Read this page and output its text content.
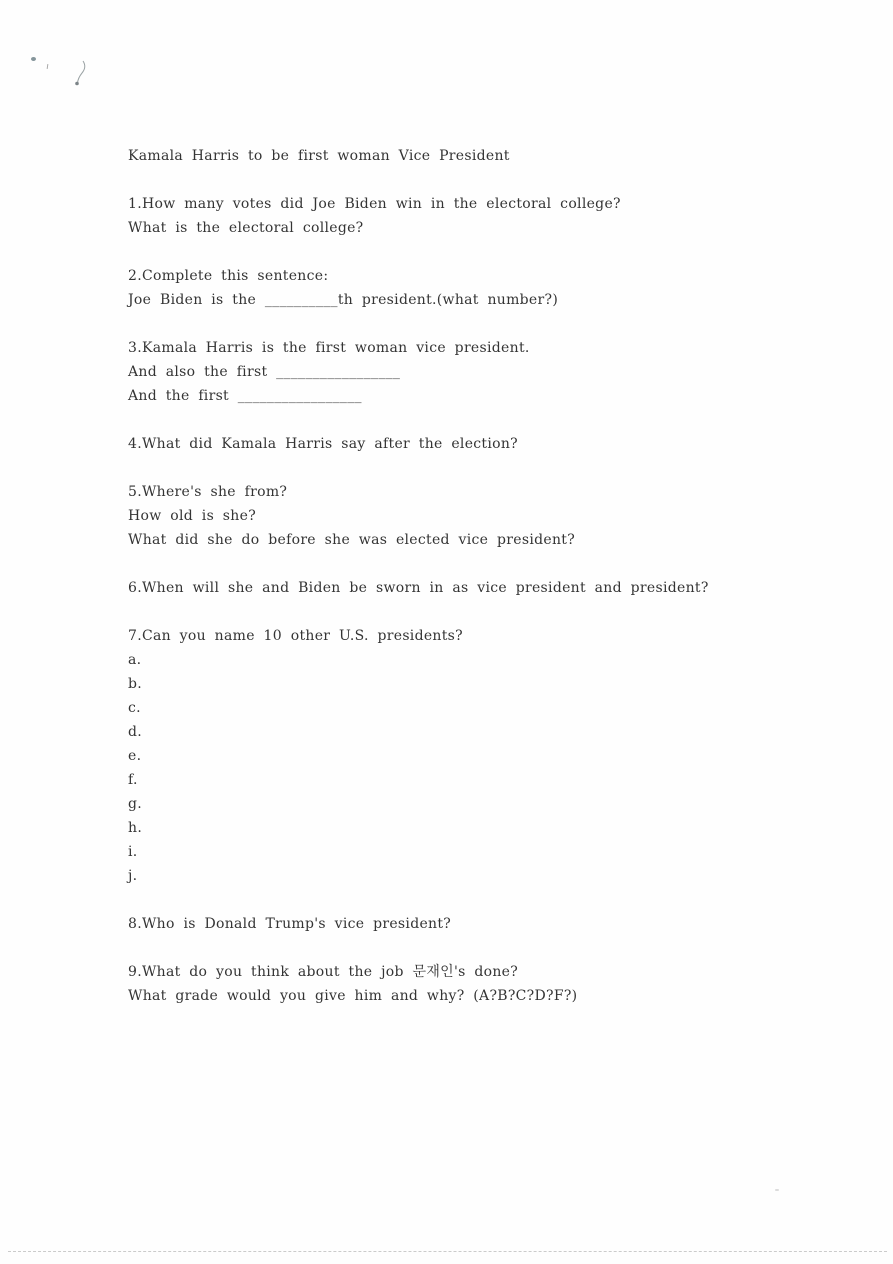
Kamala Harris to be first woman Vice President
1.How many votes did Joe Biden win in the electoral college?
What is the electoral college?
2.Complete this sentence:
Joe Biden is the __________th president.(what number?)
3.Kamala Harris is the first woman vice president.
And also the first _________________
And the first _________________
4.What did Kamala Harris say after the election?
5.Where's she from?
How old is she?
What did she do before she was elected vice president?
6.When will she and Biden be sworn in as vice president and president?
7.Can you name 10 other U.S. presidents?
a.
b.
c.
d.
e.
f.
g.
h.
i.
j.
8.Who is Donald Trump's vice president?
9.What do you think about the job 문재인's done?
What grade would you give him and why? (A?B?C?D?F?)
